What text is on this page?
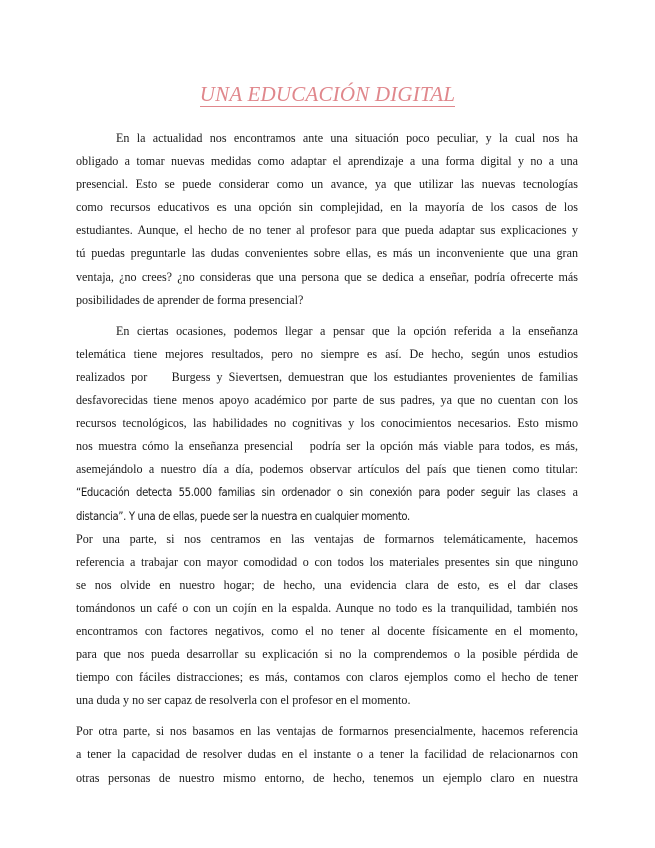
UNA EDUCACIÓN DIGITAL
En la actualidad nos encontramos ante una situación poco peculiar, y la cual nos ha
obligado a tomar nuevas medidas como adaptar el aprendizaje a una forma digital y no a una
presencial. Esto se puede considerar como un avance, ya que utilizar las nuevas tecnologías
como recursos educativos es una opción sin complejidad, en la mayoría de los casos de los
estudiantes. Aunque, el hecho de no tener al profesor para que pueda adaptar sus explicaciones y
tú puedas preguntarle las dudas convenientes sobre ellas, es más un inconveniente que una gran
ventaja, ¿no crees? ¿no consideras que una persona que se dedica a enseñar, podría ofrecerte más
posibilidades de aprender de forma presencial?
En ciertas ocasiones, podemos llegar a pensar que la opción referida a la enseñanza
telemática tiene mejores resultados, pero no siempre es así. De hecho, según unos estudios
realizados por    Burgess y Sievertsen, demuestran que los estudiantes provenientes de familias
desfavorecidas tiene menos apoyo académico por parte de sus padres, ya que no cuentan con los
recursos tecnológicos, las habilidades no cognitivas y los conocimientos necesarios. Esto mismo
nos muestra cómo la enseñanza presencial   podría ser la opción más viable para todos, es más,
asemejándolo a nuestro día a día, podemos observar artículos del país que tienen como titular:
“Educación detecta 55.000 familias sin ordenador o sin conexión para poder seguir las clases a
distancia”. Y una de ellas, puede ser la nuestra en cualquier momento.
Por una parte, si nos centramos en las ventajas de formarnos telemáticamente, hacemos
referencia a trabajar con mayor comodidad o con todos los materiales presentes sin que ninguno
se nos olvide en nuestro hogar; de hecho, una evidencia clara de esto, es el dar clases
tomándonos un café o con un cojín en la espalda. Aunque no todo es la tranquilidad, también nos
encontramos con factores negativos, como el no tener al docente físicamente en el momento,
para que nos pueda desarrollar su explicación si no la comprendemos o la posible pérdida de
tiempo con fáciles distracciones; es más, contamos con claros ejemplos como el hecho de tener
una duda y no ser capaz de resolverla con el profesor en el momento.
Por otra parte, si nos basamos en las ventajas de formarnos presencialmente, hacemos referencia
a tener la capacidad de resolver dudas en el instante o a tener la facilidad de relacionarnos con
otras personas de nuestro mismo entorno, de hecho, tenemos un ejemplo claro en nuestra
